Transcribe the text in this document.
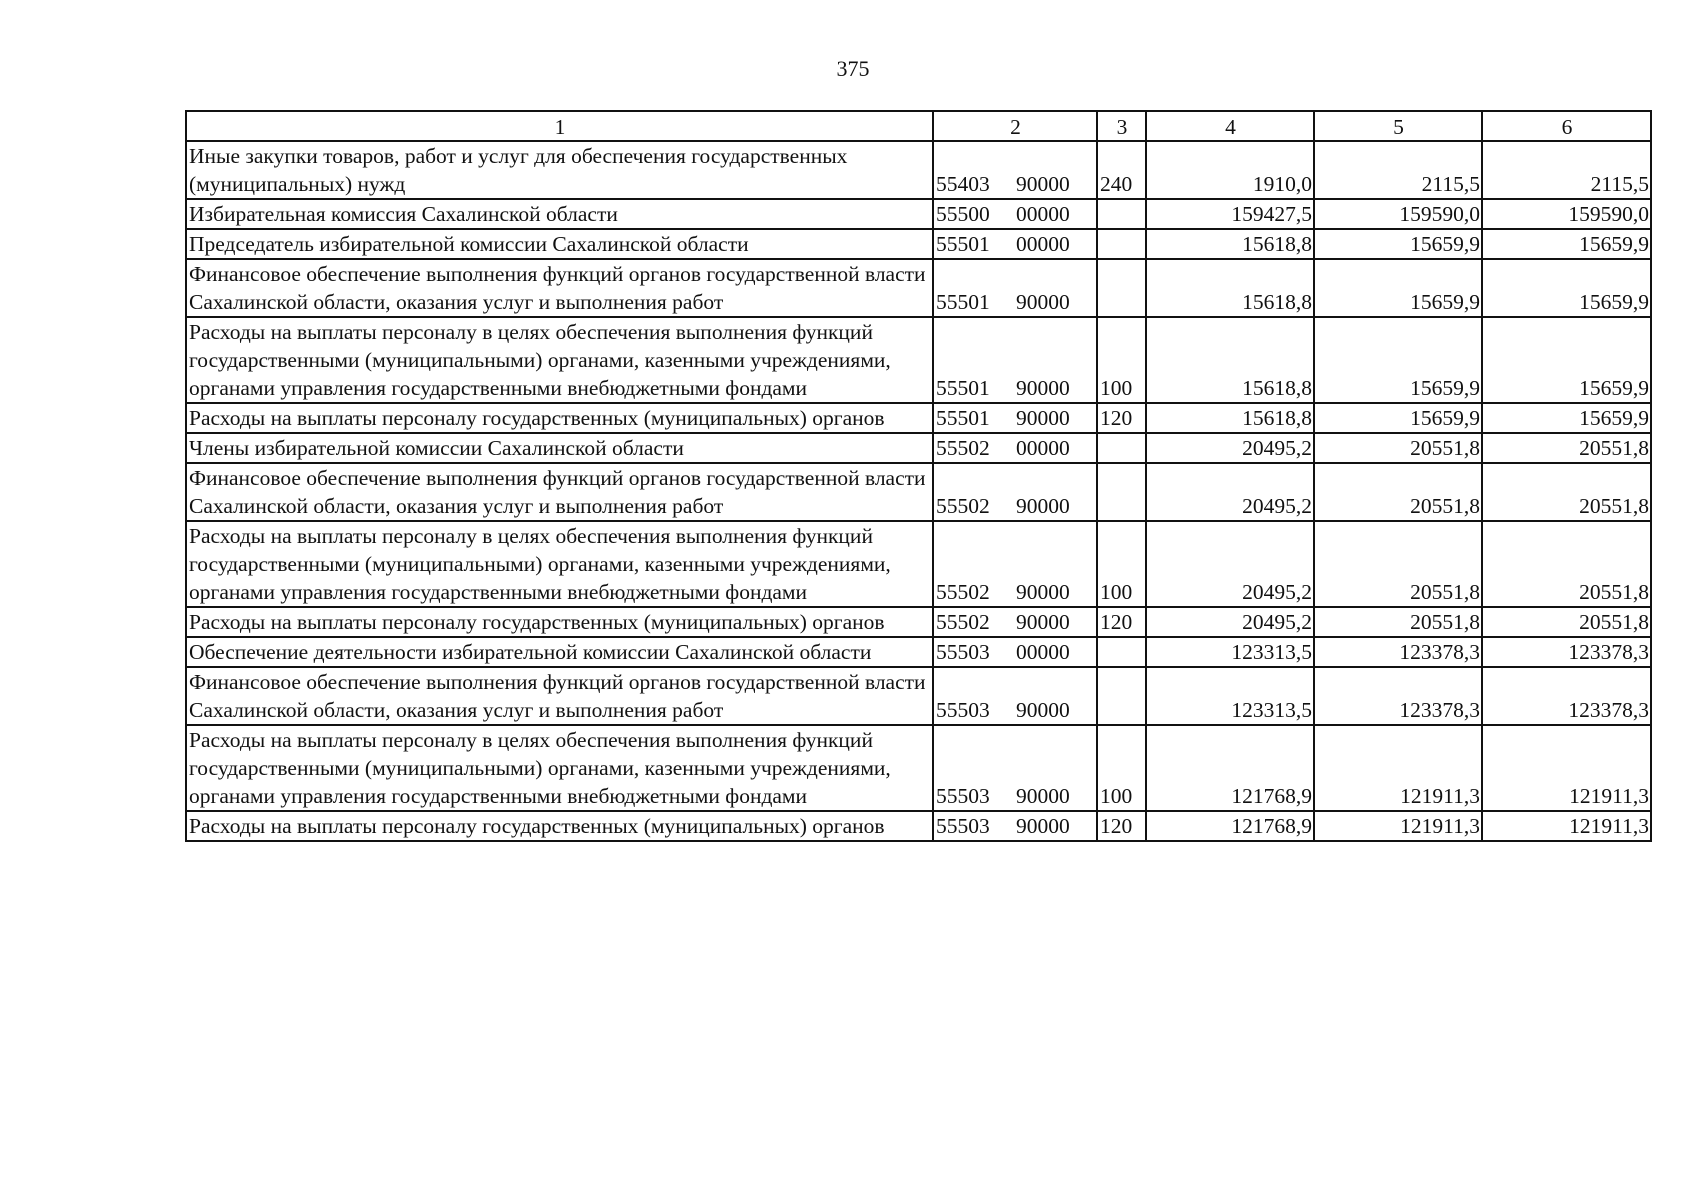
375
1	2	3	4	5	6
Иные закупки товаров, работ и услуг для обеспечения государственных (муниципальных) нужд	55403 90000	240	1910,0	2115,5	2115,5
Избирательная комиссия Сахалинской области	55500 00000		159427,5	159590,0	159590,0
Председатель избирательной комиссии Сахалинской области	55501 00000		15618,8	15659,9	15659,9
Финансовое обеспечение выполнения функций органов государственной власти Сахалинской области, оказания услуг и выполнения работ	55501 90000		15618,8	15659,9	15659,9
Расходы на выплаты персоналу в целях обеспечения выполнения функций государственными (муниципальными) органами, казенными учреждениями, органами управления государственными внебюджетными фондами	55501 90000	100	15618,8	15659,9	15659,9
Расходы на выплаты персоналу государственных (муниципальных) органов	55501 90000	120	15618,8	15659,9	15659,9
Члены избирательной комиссии Сахалинской области	55502 00000		20495,2	20551,8	20551,8
Финансовое обеспечение выполнения функций органов государственной власти Сахалинской области, оказания услуг и выполнения работ	55502 90000		20495,2	20551,8	20551,8
Расходы на выплаты персоналу в целях обеспечения выполнения функций государственными (муниципальными) органами, казенными учреждениями, органами управления государственными внебюджетными фондами	55502 90000	100	20495,2	20551,8	20551,8
Расходы на выплаты персоналу государственных (муниципальных) органов	55502 90000	120	20495,2	20551,8	20551,8
Обеспечение деятельности избирательной комиссии Сахалинской области	55503 00000		123313,5	123378,3	123378,3
Финансовое обеспечение выполнения функций органов государственной власти Сахалинской области, оказания услуг и выполнения работ	55503 90000		123313,5	123378,3	123378,3
Расходы на выплаты персоналу в целях обеспечения выполнения функций государственными (муниципальными) органами, казенными учреждениями, органами управления государственными внебюджетными фондами	55503 90000	100	121768,9	121911,3	121911,3
Расходы на выплаты персоналу государственных (муниципальных) органов	55503 90000	120	121768,9	121911,3	121911,3
